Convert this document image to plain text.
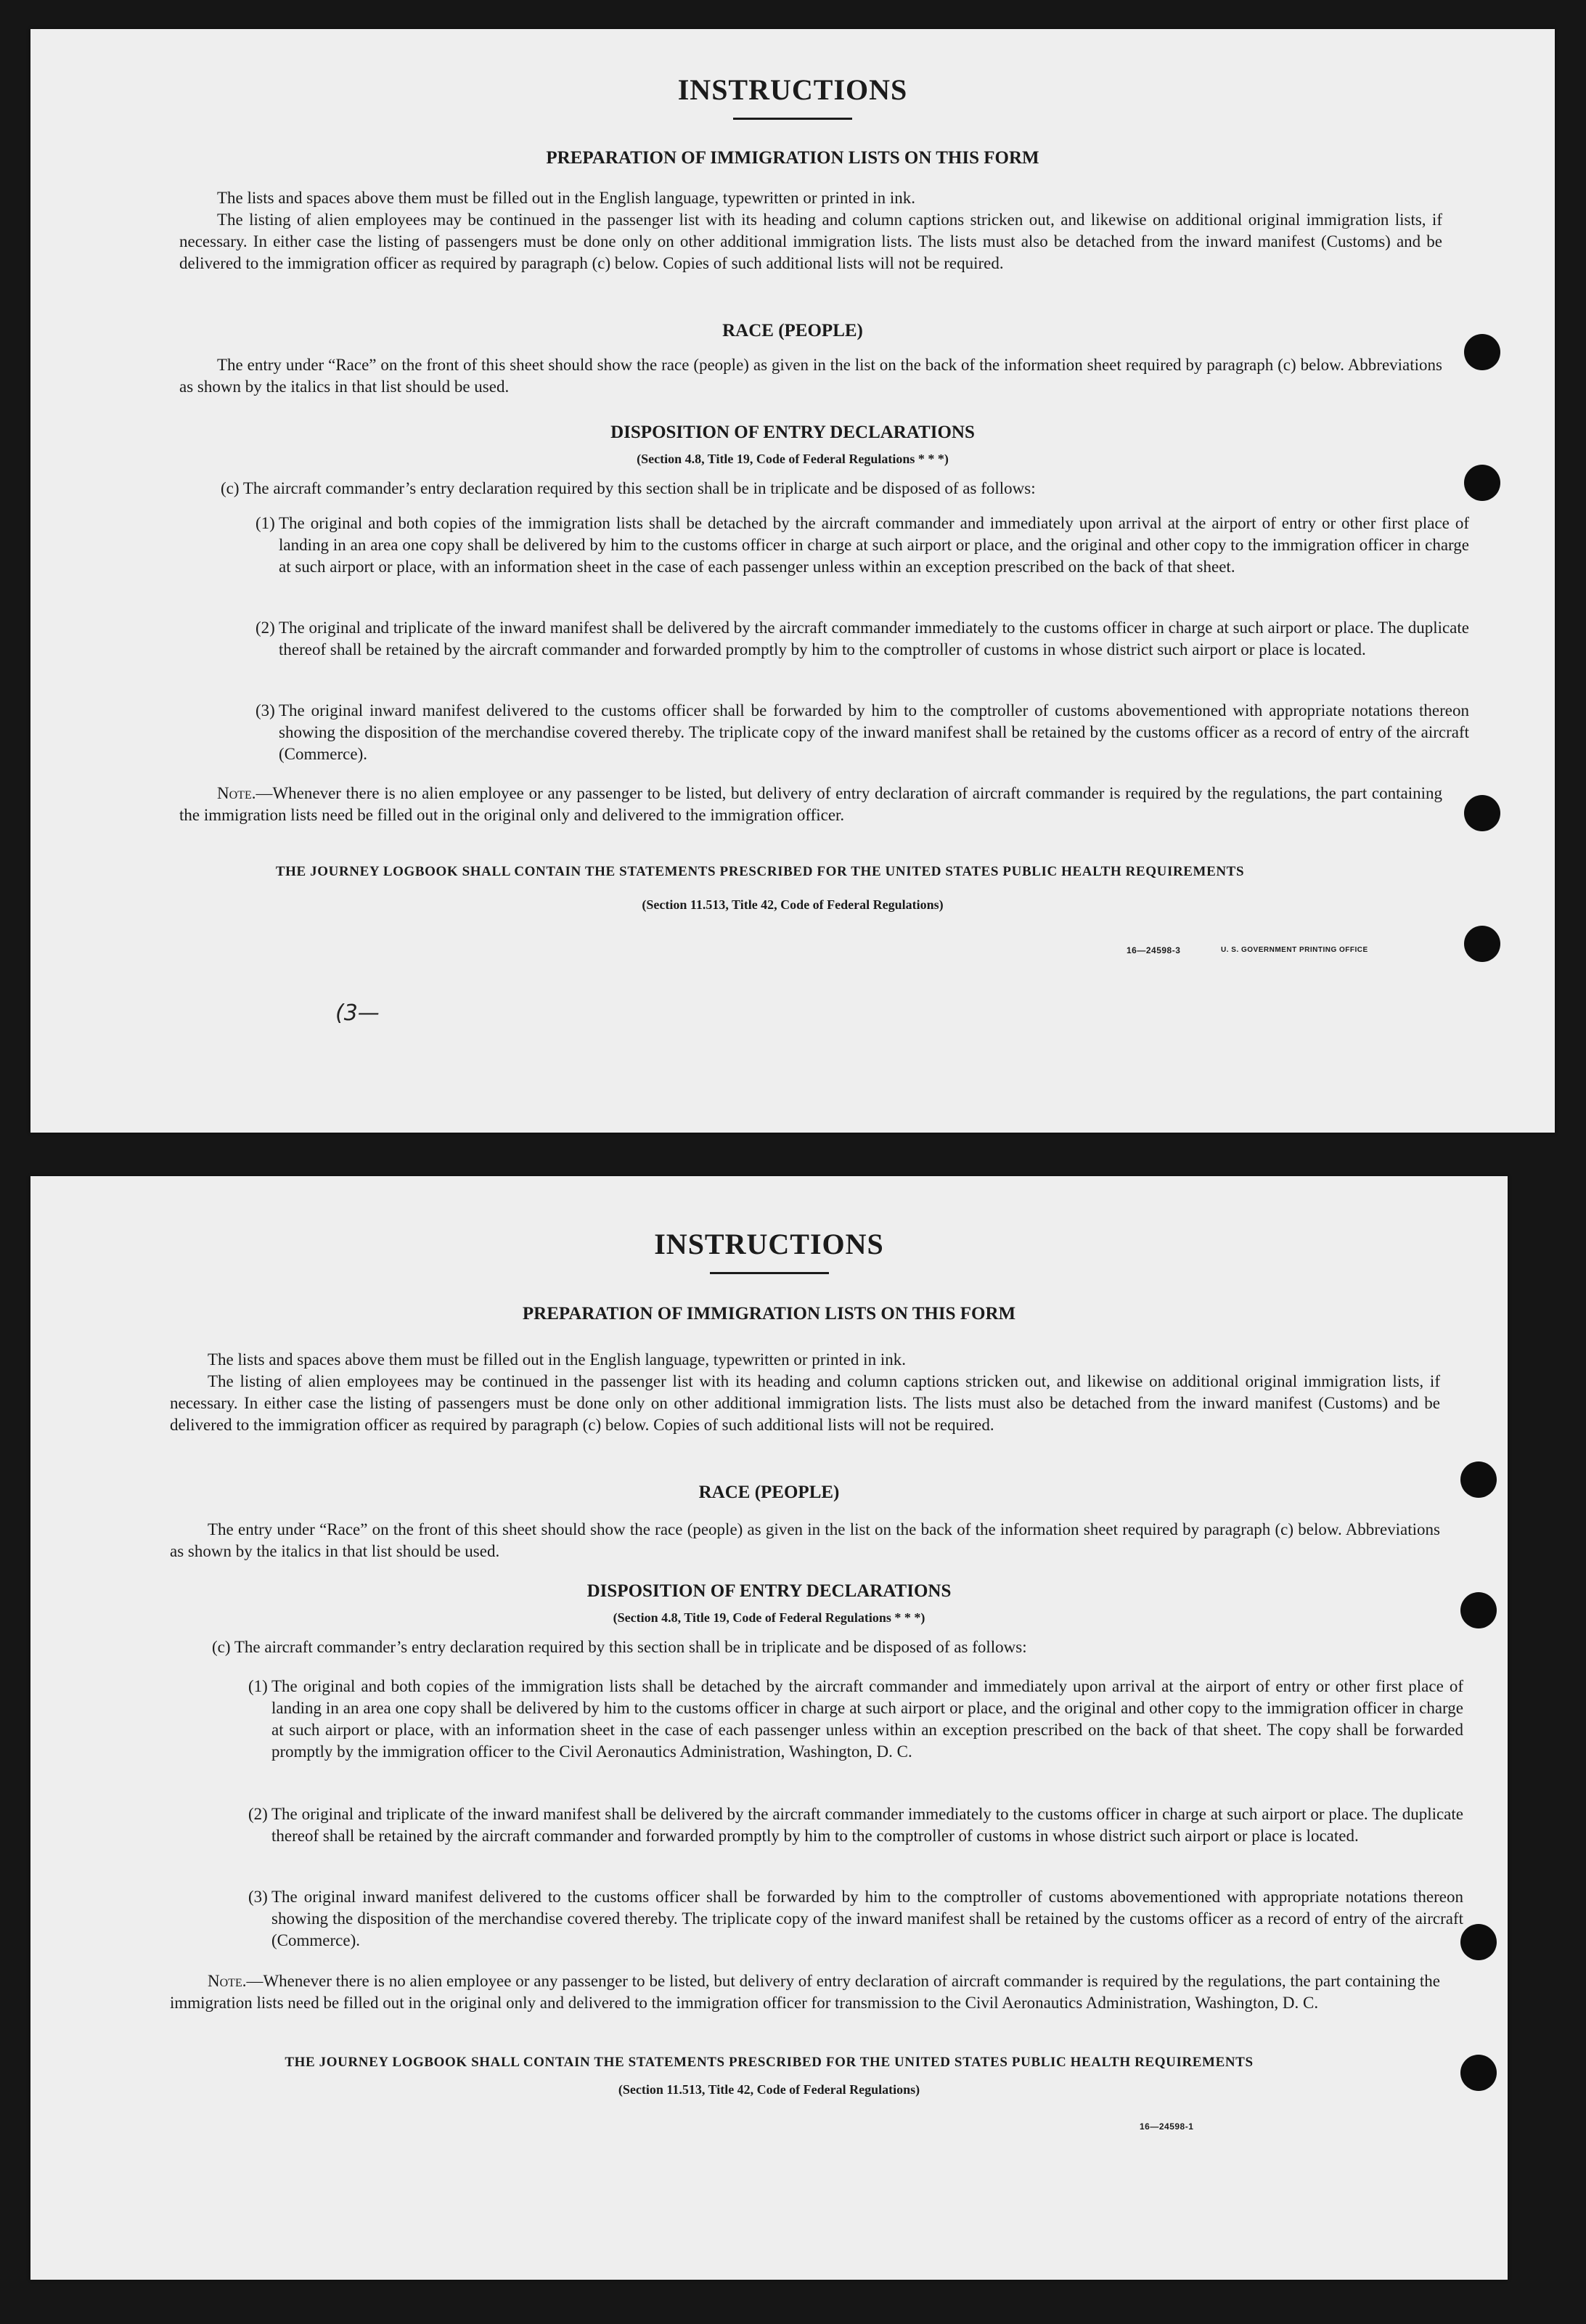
INSTRUCTIONS
PREPARATION OF IMMIGRATION LISTS ON THIS FORM
The lists and spaces above them must be filled out in the English language, typewritten or printed in ink.
The listing of alien employees may be continued in the passenger list with its heading and column captions stricken out, and likewise on additional original immigration lists, if necessary. In either case the listing of passengers must be done only on other additional immigration lists. The lists must also be detached from the inward manifest (Customs) and be delivered to the immigration officer as required by paragraph (c) below. Copies of such additional lists will not be required.
RACE (PEOPLE)
The entry under “Race” on the front of this sheet should show the race (people) as given in the list on the back of the information sheet required by paragraph (c) below. Abbreviations as shown by the italics in that list should be used.
DISPOSITION OF ENTRY DECLARATIONS
(Section 4.8, Title 19, Code of Federal Regulations * * *)
(c) The aircraft commander’s entry declaration required by this section shall be in triplicate and be disposed of as follows:
(1) The original and both copies of the immigration lists shall be detached by the aircraft commander and immediately upon arrival at the airport of entry or other first place of landing in an area one copy shall be delivered by him to the customs officer in charge at such airport or place, and the original and other copy to the immigration officer in charge at such airport or place, with an information sheet in the case of each passenger unless within an exception prescribed on the back of that sheet.
(2) The original and triplicate of the inward manifest shall be delivered by the aircraft commander immediately to the customs officer in charge at such airport or place. The duplicate thereof shall be retained by the aircraft commander and forwarded promptly by him to the comptroller of customs in whose district such airport or place is located.
(3) The original inward manifest delivered to the customs officer shall be forwarded by him to the comptroller of customs abovementioned with appropriate notations thereon showing the disposition of the merchandise covered thereby. The triplicate copy of the inward manifest shall be retained by the customs officer as a record of entry of the aircraft (Commerce).
Note.—Whenever there is no alien employee or any passenger to be listed, but delivery of entry declaration of aircraft commander is required by the regulations, the part containing the immigration lists need be filled out in the original only and delivered to the immigration officer.
THE JOURNEY LOGBOOK SHALL CONTAIN THE STATEMENTS PRESCRIBED FOR THE UNITED STATES PUBLIC HEALTH REQUIREMENTS
(Section 11.513, Title 42, Code of Federal Regulations)
16—24598-3	U. S. GOVERNMENT PRINTING OFFICE
(3—
INSTRUCTIONS
PREPARATION OF IMMIGRATION LISTS ON THIS FORM
The lists and spaces above them must be filled out in the English language, typewritten or printed in ink.
The listing of alien employees may be continued in the passenger list with its heading and column captions stricken out, and likewise on additional original immigration lists, if necessary. In either case the listing of passengers must be done only on other additional immigration lists. The lists must also be detached from the inward manifest (Customs) and be delivered to the immigration officer as required by paragraph (c) below. Copies of such additional lists will not be required.
RACE (PEOPLE)
The entry under “Race” on the front of this sheet should show the race (people) as given in the list on the back of the information sheet required by paragraph (c) below. Abbreviations as shown by the italics in that list should be used.
DISPOSITION OF ENTRY DECLARATIONS
(Section 4.8, Title 19, Code of Federal Regulations * * *)
(c) The aircraft commander’s entry declaration required by this section shall be in triplicate and be disposed of as follows:
(1) The original and both copies of the immigration lists shall be detached by the aircraft commander and immediately upon arrival at the airport of entry or other first place of landing in an area one copy shall be delivered by him to the customs officer in charge at such airport or place, and the original and other copy to the immigration officer in charge at such airport or place, with an information sheet in the case of each passenger unless within an exception prescribed on the back of that sheet. The copy shall be forwarded promptly by the immigration officer to the Civil Aeronautics Administration, Washington, D. C.
(2) The original and triplicate of the inward manifest shall be delivered by the aircraft commander immediately to the customs officer in charge at such airport or place. The duplicate thereof shall be retained by the aircraft commander and forwarded promptly by him to the comptroller of customs in whose district such airport or place is located.
(3) The original inward manifest delivered to the customs officer shall be forwarded by him to the comptroller of customs abovementioned with appropriate notations thereon showing the disposition of the merchandise covered thereby. The triplicate copy of the inward manifest shall be retained by the customs officer as a record of entry of the aircraft (Commerce).
Note.—Whenever there is no alien employee or any passenger to be listed, but delivery of entry declaration of aircraft commander is required by the regulations, the part containing the immigration lists need be filled out in the original only and delivered to the immigration officer for transmission to the Civil Aeronautics Administration, Washington, D. C.
THE JOURNEY LOGBOOK SHALL CONTAIN THE STATEMENTS PRESCRIBED FOR THE UNITED STATES PUBLIC HEALTH REQUIREMENTS
(Section 11.513, Title 42, Code of Federal Regulations)
16—24598-1
